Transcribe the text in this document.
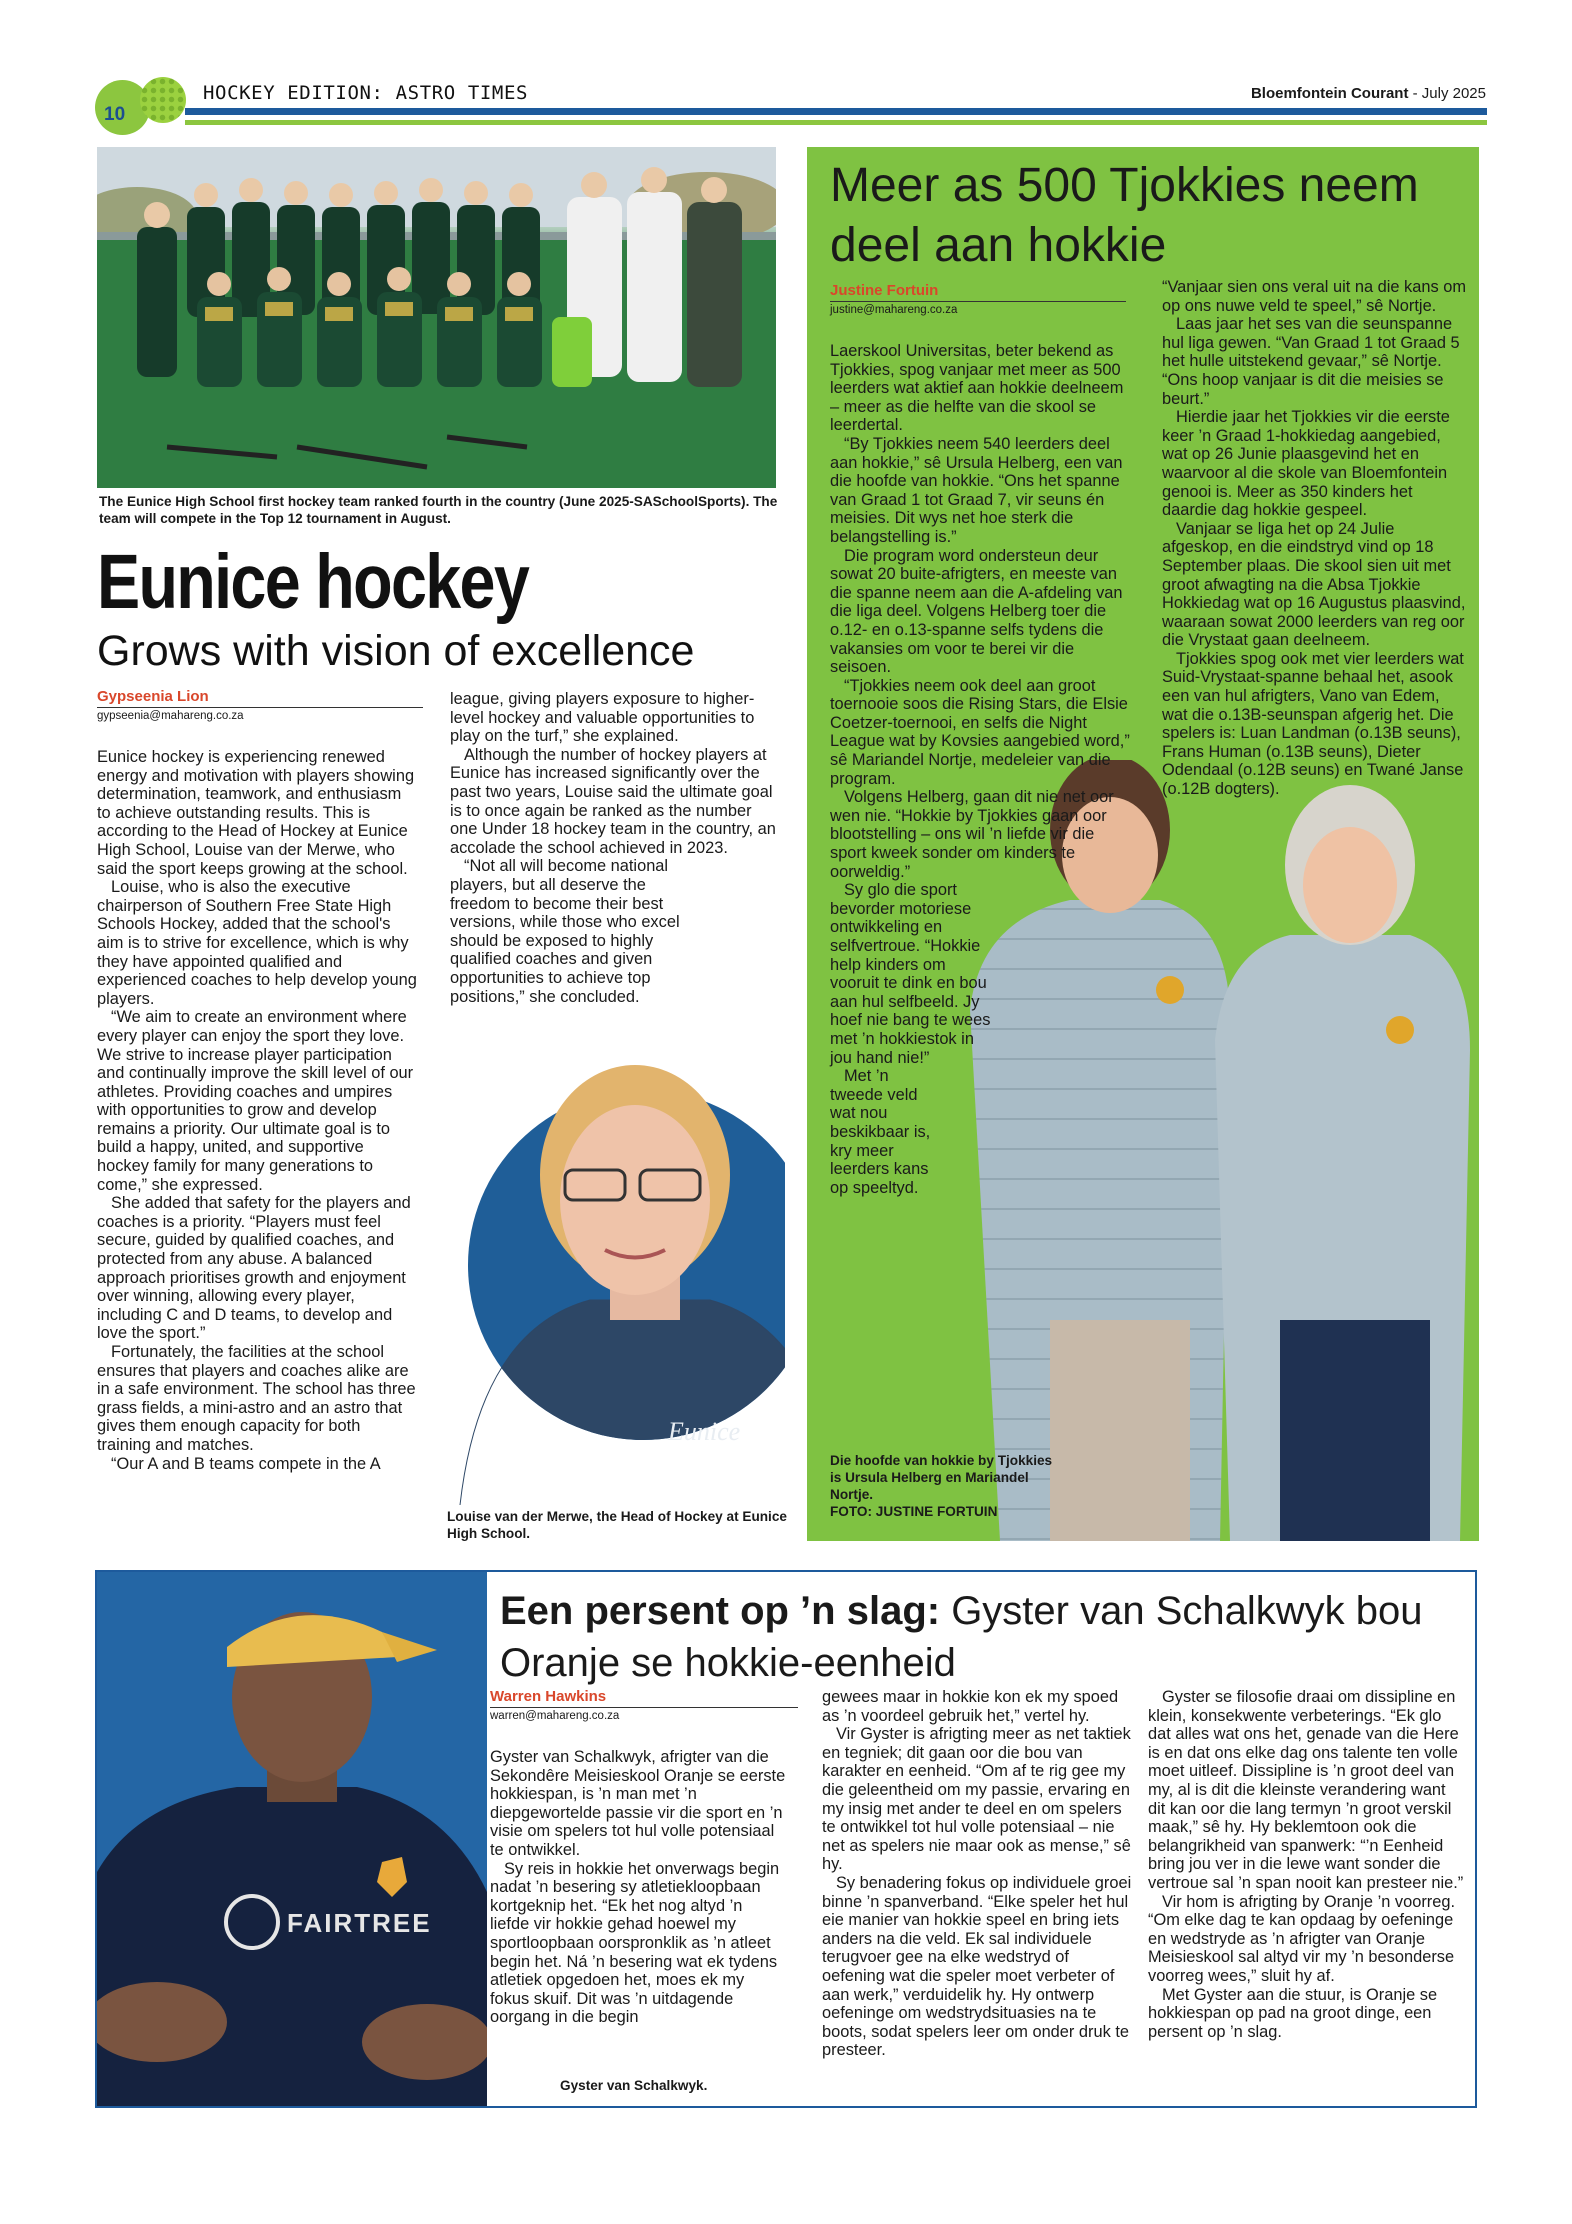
10
HOCKEY EDITION: ASTRO TIMES	Bloemfontein Courant - July 2025
The Eunice High School first hockey team ranked fourth in the country (June 2025-SASchoolSports). The team will compete in the Top 12 tournament in August.
Eunice hockey
Grows with vision of excellence
Gypseenia Lion
gypseenia@mahareng.co.za

Eunice hockey is experiencing renewed energy and motivation with players showing determination, teamwork, and enthusiasm to achieve outstanding results. This is according to the Head of Hockey at Eunice High School, Louise van der Merwe, who said the sport keeps growing at the school.

Louise, who is also the executive chairperson of Southern Free State High Schools Hockey, added that the school's aim is to strive for excellence, which is why they have appointed qualified and experienced coaches to help develop young players.

“We aim to create an environment where every player can enjoy the sport they love. We strive to increase player participation and continually improve the skill level of our athletes. Providing coaches and umpires with opportunities to grow and develop remains a priority. Our ultimate goal is to build a happy, united, and supportive hockey family for many generations to come,” she expressed.

She added that safety for the players and coaches is a priority. “Players must feel secure, guided by qualified coaches, and protected from any abuse. A balanced approach prioritises growth and enjoyment over winning, allowing every player, including C and D teams, to develop and love the sport.”

Fortunately, the facilities at the school ensures that players and coaches alike are in a safe environment. The school has three grass fields, a mini-astro and an astro that gives them enough capacity for both training and matches.

“Our A and B teams compete in the A

league, giving players exposure to higher-level hockey and valuable opportunities to play on the turf,” she explained.

Although the number of hockey players at Eunice has increased significantly over the past two years, Louise said the ultimate goal is to once again be ranked as the number one Under 18 hockey team in the country, an accolade the school achieved in 2023.

“Not all will become national players, but all deserve the freedom to become their best versions, while those who excel should be exposed to highly qualified coaches and given opportunities to achieve top positions,” she concluded.

Eunice
Louise van der Merwe, the Head of Hockey at Eunice High School.
Meer as 500 Tjokkies neem deel aan hokkie
Justine Fortuin
justine@mahareng.co.za

Laerskool Universitas, beter bekend as Tjokkies, spog vanjaar met meer as 500 leerders wat aktief aan hokkie deelneem – meer as die helfte van die skool se leerdertal.

“By Tjokkies neem 540 leerders deel aan hokkie,” sê Ursula Helberg, een van die hoofde van hokkie. “Ons het spanne van Graad 1 tot Graad 7, vir seuns én meisies. Dit wys net hoe sterk die belangstelling is.”

Die program word ondersteun deur sowat 20 buite-afrigters, en meeste van die spanne neem aan die A-afdeling van die liga deel. Volgens Helberg toer die o.12- en o.13-spanne selfs tydens die vakansies om voor te berei vir die seisoen.

“Tjokkies neem ook deel aan groot toernooie soos die Rising Stars, die Elsie Coetzer-toernooi, en selfs die Night League wat by Kovsies aangebied word,” sê Mariandel Nortje, medeleier van die program.

Volgens Helberg, gaan dit nie net oor wen nie. “Hokkie by Tjokkies gaan oor blootstelling – ons wil ’n liefde vir die sport kweek sonder om kinders te oorweldig.”

Sy glo die sport bevorder motoriese ontwikkeling en selfvertroue. “Hokkie help kinders om vooruit te dink en bou aan hul selfbeeld. Jy hoef nie bang te wees met ’n hokkiestok in jou hand nie!”

Met ’n tweede veld wat nou beskikbaar is, kry meer leerders kans op speeltyd.

“Vanjaar sien ons veral uit na die kans om op ons nuwe veld te speel,” sê Nortje.

Laas jaar het ses van die seunspanne hul liga gewen. “Van Graad 1 tot Graad 5 het hulle uitstekend gevaar,” sê Nortje. “Ons hoop vanjaar is dit die meisies se beurt.”

Hierdie jaar het Tjokkies vir die eerste keer ’n Graad 1-hokkiedag aangebied, wat op 26 Junie plaasgevind het en waarvoor al die skole van Bloemfontein genooi is. Meer as 350 kinders het daardie dag hokkie gespeel.

Vanjaar se liga het op 24 Julie afgeskop, en die eindstryd vind op 18 September plaas. Die skool sien uit met groot afwagting na die Absa Tjokkie Hokkiedag wat op 16 Augustus plaasvind, waaraan sowat 2000 leerders van reg oor die Vrystaat gaan deelneem.

Tjokkies spog ook met vier leerders wat Suid-Vrystaat-spanne behaal het, asook een van hul afrigters, Vano van Edem, wat die o.13B-seunspan afgerig het. Die spelers is: Luan Landman (o.13B seuns), Frans Human (o.13B seuns), Dieter Odendaal (o.12B seuns) en Twané Janse (o.12B dogters).

Die hoofde van hokkie by Tjokkies is Ursula Helberg en Mariandel Nortje.
FOTO: JUSTINE FORTUIN
FAIRTREE
Een persent op ’n slag: Gyster van Schalkwyk bou Oranje se hokkie-eenheid
Warren Hawkins
warren@mahareng.co.za

Gyster van Schalkwyk, afrigter van die Sekondêre Meisieskool Oranje se eerste hokkiespan, is ’n man met ’n diepgewortelde passie vir die sport en ’n visie om spelers tot hul volle potensiaal te ontwikkel.

Sy reis in hokkie het onverwags begin nadat ’n besering sy atletiekloopbaan kortgeknip het. “Ek het nog altyd ’n liefde vir hokkie gehad hoewel my sportloopbaan oorspronklik as ’n atleet begin het. Ná ’n besering wat ek tydens atletiek opgedoen het, moes ek my fokus skuif. Dit was ’n uitdagende oorgang in die begin

Gyster van Schalkwyk.

gewees maar in hokkie kon ek my spoed as ’n voordeel gebruik het,” vertel hy.

Vir Gyster is afrigting meer as net taktiek en tegniek; dit gaan oor die bou van karakter en eenheid. “Om af te rig gee my die geleentheid om my passie, ervaring en my insig met ander te deel en om spelers te ontwikkel tot hul volle potensiaal – nie net as spelers nie maar ook as mense,” sê hy.

Sy benadering fokus op individuele groei binne ’n spanverband. “Elke speler het hul eie manier van hokkie speel en bring iets anders na die veld. Ek sal individuele terugvoer gee na elke wedstryd of oefening wat die speler moet verbeter of aan werk,” verduidelik hy. Hy ontwerp oefeninge om wedstrydsituasies na te boots, sodat spelers leer om onder druk te presteer.

Gyster se filosofie draai om dissipline en klein, konsekwente verbeterings. “Ek glo dat alles wat ons het, genade van die Here is en dat ons elke dag ons talente ten volle moet uitleef. Dissipline is ’n groot deel van my, al is dit die kleinste verandering want dit kan oor die lang termyn ’n groot verskil maak,” sê hy. Hy beklemtoon ook die belangrikheid van spanwerk: “’n Eenheid bring jou ver in die lewe want sonder die vertroue sal ’n span nooit kan presteer nie.”

Vir hom is afrigting by Oranje ’n voorreg. “Om elke dag te kan opdaag by oefeninge en wedstryde as ’n afrigter van Oranje Meisieskool sal altyd vir my ’n besonderse voorreg wees,” sluit hy af.

Met Gyster aan die stuur, is Oranje se hokkiespan op pad na groot dinge, een persent op ’n slag.
